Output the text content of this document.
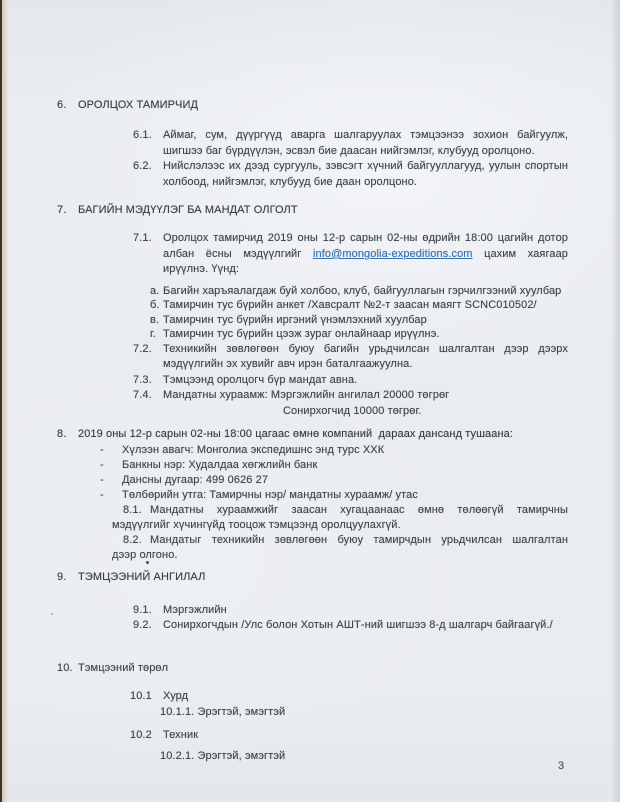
6. ОРОЛЦОХ ТАМИРЧИД
6.1. Аймаг, сум, дүүргүүд аварга шалгаруулах тэмцээнээ зохион байгуулж,
шигшээ баг бүрдүүлэн, эсвэл бие даасан нийгэмлэг, клубууд оролцоно.
6.2. Нийслэлээс их дээд сургууль, зэвсэгт хүчний байгууллагууд, уулын спортын
холбоод, нийгэмлэг, клубууд бие даан оролцоно.
7. БАГИЙН МЭДҮҮЛЭГ БА МАНДАТ ОЛГОЛТ
7.1. Оролцох тамирчид 2019 оны 12-р сарын 02-ны өдрийн 18:00 цагийн дотор
албан ёсны мэдүүлгийг info@mongolia-expeditions.com цахим хаягаар
ирүүлнэ. Үүнд:
а. Багийн харъяалагдаж буй холбоо, клуб, байгууллагын гэрчилгээний хуулбар
б. Тамирчин тус бүрийн анкет /Хавсралт №2-т заасан маягт SCNC010502/
в. Тамирчин тус бүрийн иргэний үнэмлэхний хуулбар
г. Тамирчин тус бүрийн цээж зураг онлайнаар ирүүлнэ.
7.2. Техникийн зөвлөгөөн буюу багийн урьдчилсан шалгалтан дээр дээрх
мэдүүлгийн эх хувийг авч ирэн баталгаажуулна.
7.3. Тэмцээнд оролцогч бүр мандат авна.
7.4. Мандатны хураамж: Мэргэжлийн ангилал 20000 төгрөг
Сонирхогчид 10000 төгрөг.
8. 2019 оны 12-р сарын 02-ны 18:00 цагаас өмнө компаний  дараах дансанд тушаана:
- Хүлээн авагч: Монголиа экспедишнс энд турс ХХК
- Банкны нэр: Худалдаа хөгжлийн банк
- Дансны дугаар: 499 0626 27
- Төлбөрийн утга: Тамирчны нэр/ мандатны хураамж/ утас
8.1. Мандатны хураамжийг заасан хугацаанаас өмнө төлөөгүй тамирчны
мэдүүлгийг хүчингүйд тооцож тэмцээнд оролцуулахгүй.
8.2. Мандатыг техникийн зөвлөгөөн буюу тамирчдын урьдчилсан шалгалтан
дээр олгоно.
9. ТЭМЦЭЭНИЙ АНГИЛАЛ
9.1. Мэргэжлийн
9.2. Сонирхогчдын /Улс болон Хотын АШТ-ний шигшээ 8-д шалгарч байгаагүй./
10. Тэмцээний төрөл
10.1 Хурд
10.1.1. Эрэгтэй, эмэгтэй
10.2 Техник
10.2.1. Эрэгтэй, эмэгтэй
3
